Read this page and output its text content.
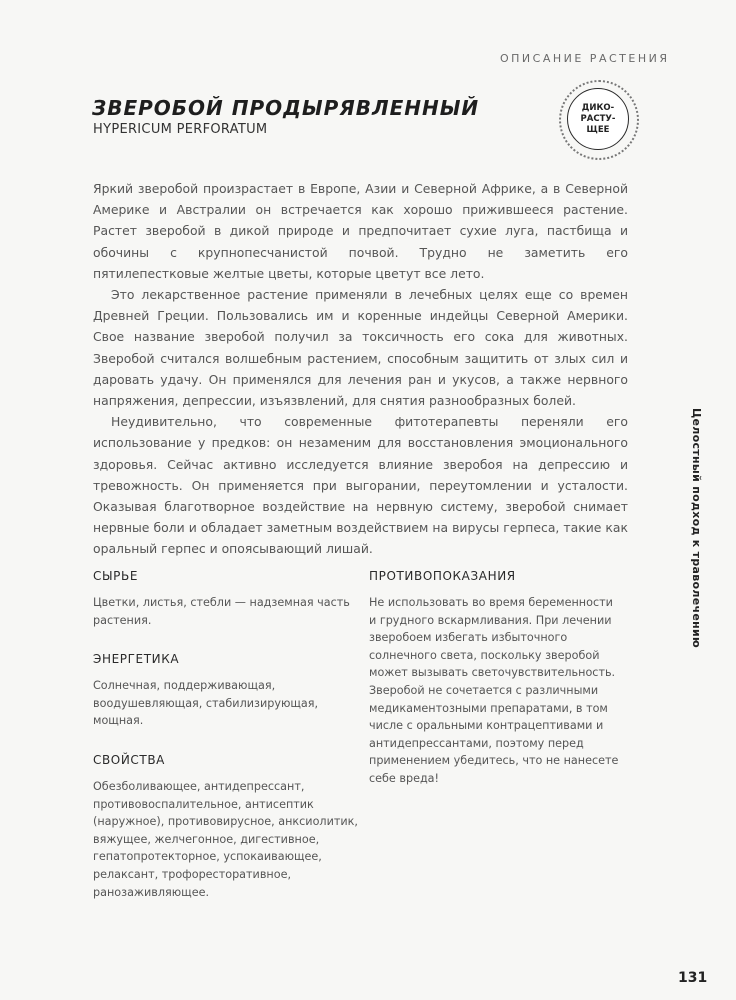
ОПИСАНИЕ РАСТЕНИЯ
ЗВЕРОБОЙ ПРОДЫРЯВЛЕННЫЙ
HYPERICUM PERFORATUM
ДИКО-
РАСТУ-
ЩЕЕ

Яркий зверобой произрастает в Европе, Азии и Северной Африке, а в Северной Америке и Австралии он встречается как хорошо прижившееся растение. Растет зверобой в дикой природе и предпочитает сухие луга, пастбища и обочины с крупнопесчанистой почвой. Трудно не заметить его пятилепестковые желтые цветы, которые цветут все лето.

Это лекарственное растение применяли в лечебных целях еще со времен Древней Греции. Пользовались им и коренные индейцы Северной Америки. Свое название зверобой получил за токсичность его сока для животных. Зверобой считался волшебным растением, способным защитить от злых сил и даровать удачу. Он применялся для лечения ран и укусов, а также нервного напряжения, депрессии, изъязвлений, для снятия разнообразных болей.

Неудивительно, что современные фитотерапевты переняли его использование у предков: он незаменим для восстановления эмоционального здоровья. Сейчас активно исследуется влияние зверобоя на депрессию и тревожность. Он применяется при выгорании, переутомлении и усталости. Оказывая благотворное воздействие на нервную систему, зверобой снимает нервные боли и обладает заметным воздействием на вирусы герпеса, такие как оральный герпес и опоясывающий лишай.	Целостный подход к траволечению
СЫРЬЕ
Цветки, листья, стебли — надземная часть
растения.
ЭНЕРГЕТИКА
Солнечная, поддерживающая,
воодушевляющая, стабилизирующая, мощная.
СВОЙСТВА
Обезболивающее, антидепрессант,
противовоспалительное, антисептик
(наружное), противовирусное, анксиолитик,
вяжущее, желчегонное, дигестивное,
гепатопротекторное, успокаивающее,
релаксант, трофоресторативное,
ранозаживляющее.
ПРОТИВОПОКАЗАНИЯ
Не использовать во время беременности и грудного вскармливания. При лечении зверобоем избегать избыточного солнечного света, поскольку зверобой может вызывать светочувствительность. Зверобой не сочетается с различными медикаментозными препаратами, в том числе с оральными контрацептивами и антидепрессантами, поэтому перед применением убедитесь, что не нанесете себе вреда!
131
